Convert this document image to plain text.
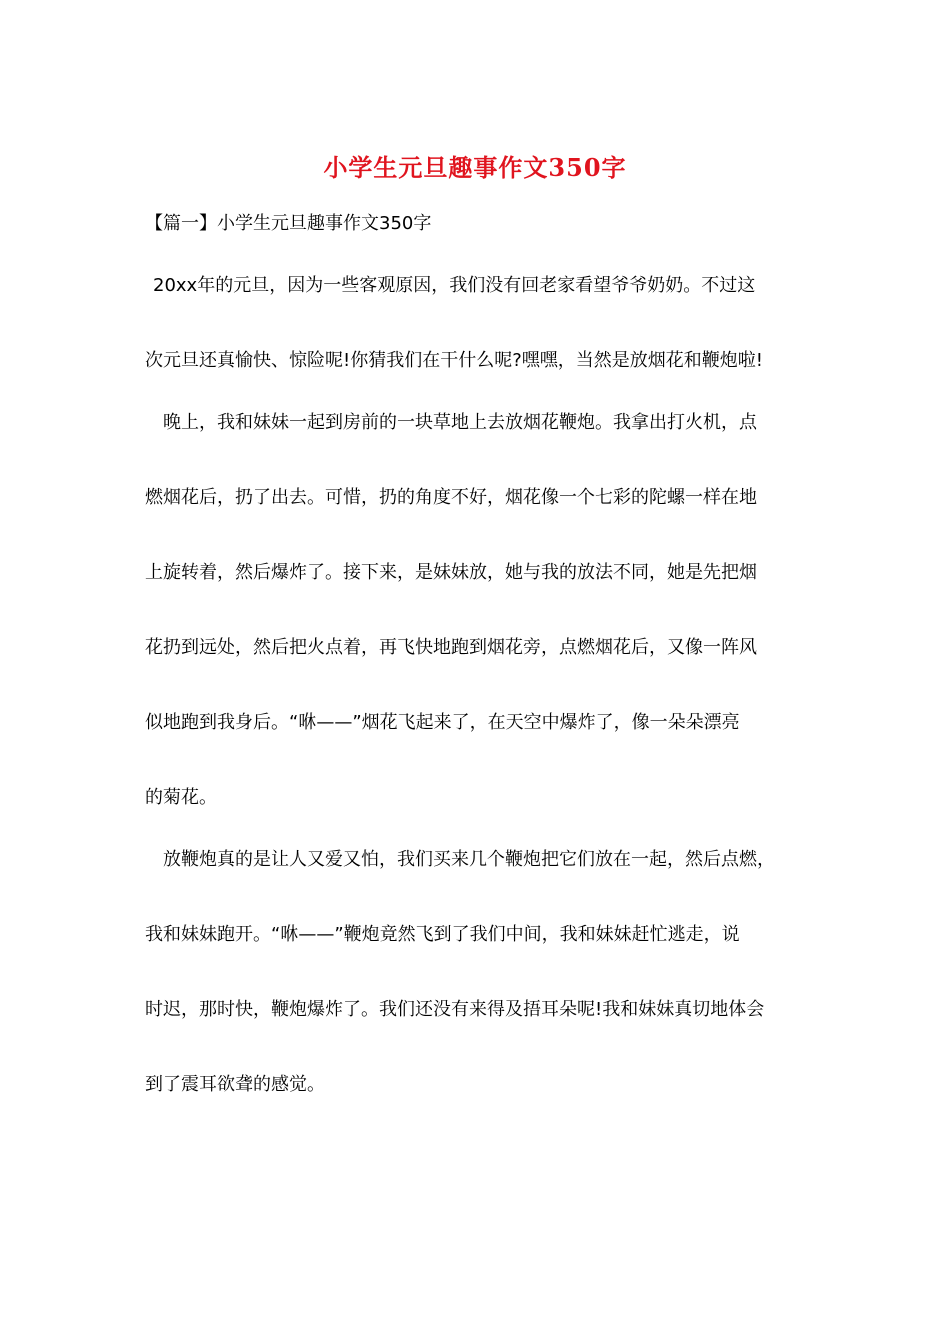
小学生元旦趣事作文350字
【篇一】小学生元旦趣事作文350字
20xx年的元旦，因为一些客观原因，我们没有回老家看望爷爷奶奶。不过这
次元旦还真愉快、惊险呢!你猜我们在干什么呢?嘿嘿，当然是放烟花和鞭炮啦!
晚上，我和妹妹一起到房前的一块草地上去放烟花鞭炮。我拿出打火机，点
燃烟花后，扔了出去。可惜，扔的角度不好，烟花像一个七彩的陀螺一样在地
上旋转着，然后爆炸了。接下来，是妹妹放，她与我的放法不同，她是先把烟
花扔到远处，然后把火点着，再飞快地跑到烟花旁，点燃烟花后，又像一阵风
似地跑到我身后。“咻——”烟花飞起来了，在天空中爆炸了，像一朵朵漂亮
的菊花。
放鞭炮真的是让人又爱又怕，我们买来几个鞭炮把它们放在一起，然后点燃，
我和妹妹跑开。“咻——”鞭炮竟然飞到了我们中间，我和妹妹赶忙逃走，说
时迟，那时快，鞭炮爆炸了。我们还没有来得及捂耳朵呢!我和妹妹真切地体会
到了震耳欲聋的感觉。
